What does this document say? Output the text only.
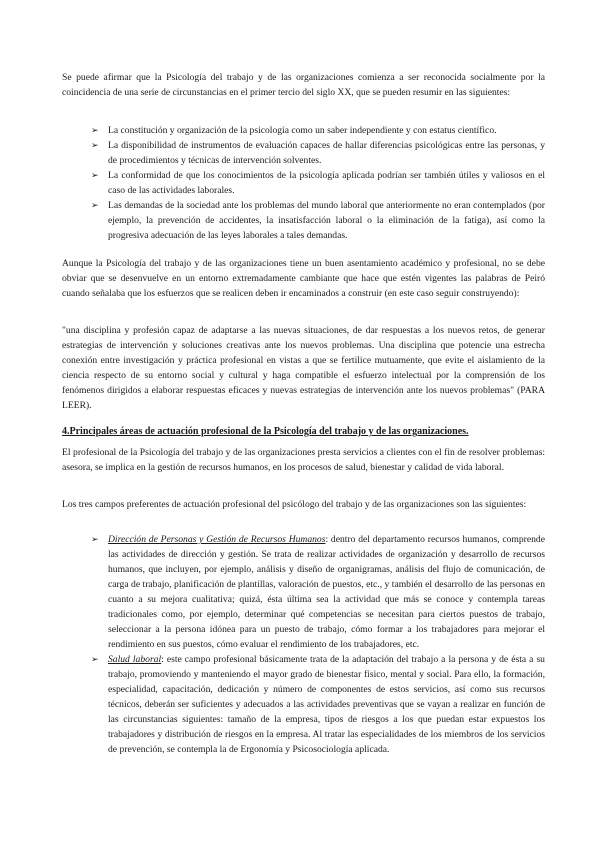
Se puede afirmar que la Psicología del trabajo y de las organizaciones comienza a ser reconocida socialmente por la coincidencia de una serie de circunstancias en el primer tercio del siglo XX, que se pueden resumir en las siguientes:

➢ La constitución y organización de la psicología como un saber independiente y con estatus científico.
➢ La disponibilidad de instrumentos de evaluación capaces de hallar diferencias psicológicas entre las personas, y de procedimientos y técnicas de intervención solventes.
➢ La conformidad de que los conocimientos de la psicología aplicada podrían ser también útiles y valiosos en el caso de las actividades laborales.
➢ Las demandas de la sociedad ante los problemas del mundo laboral que anteriormente no eran contemplados (por ejemplo, la prevención de accidentes, la insatisfacción laboral o la eliminación de la fatiga), así como la progresiva adecuación de las leyes laborales a tales demandas.

Aunque la Psicología del trabajo y de las organizaciones tiene un buen asentamiento académico y profesional, no se debe obviar que se desenvuelve en un entorno extremadamente cambiante que hace que estén vigentes las palabras de Peiró cuando señalaba que los esfuerzos que se realicen deben ir encaminados a construir (en este caso seguir construyendo):

"una disciplina y profesión capaz de adaptarse a las nuevas situaciones, de dar respuestas a los nuevos retos, de generar estrategias de intervención y soluciones creativas ante los nuevos problemas. Una disciplina que potencie una estrecha conexión entre investigación y práctica profesional en vistas a que se fertilice mutuamente, que evite el aislamiento de la ciencia respecto de su entorno social y cultural y haga compatible el esfuerzo intelectual por la comprensión de los fenómenos dirigidos a elaborar respuestas eficaces y nuevas estrategias de intervención ante los nuevos problemas" (PARA LEER).

4.Principales áreas de actuación profesional de la Psicología del trabajo y de las organizaciones.

El profesional de la Psicología del trabajo y de las organizaciones presta servicios a clientes con el fin de resolver problemas: asesora, se implica en la gestión de recursos humanos, en los procesos de salud, bienestar y calidad de vida laboral.

Los tres campos preferentes de actuación profesional del psicólogo del trabajo y de las organizaciones son las siguientes:

➢ Dirección de Personas y Gestión de Recursos Humanos: dentro del departamento recursos humanos, comprende las actividades de dirección y gestión. Se trata de realizar actividades de organización y desarrollo de recursos humanos, que incluyen, por ejemplo, análisis y diseño de organigramas, análisis del flujo de comunicación, de carga de trabajo, planificación de plantillas, valoración de puestos, etc., y también el desarrollo de las personas en cuanto a su mejora cualitativa; quizá, ésta última sea la actividad que más se conoce y contempla tareas tradicionales como, por ejemplo, determinar qué competencias se necesitan para ciertos puestos de trabajo, seleccionar a la persona idónea para un puesto de trabajo, cómo formar a los trabajadores para mejorar el rendimiento en sus puestos, cómo evaluar el rendimiento de los trabajadores, etc.
➢ Salud laboral: este campo profesional básicamente trata de la adaptación del trabajo a la persona y de ésta a su trabajo, promoviendo y manteniendo el mayor grado de bienestar físico, mental y social. Para ello, la formación, especialidad, capacitación, dedicación y número de componentes de estos servicios, así como sus recursos técnicos, deberán ser suficientes y adecuados a las actividades preventivas que se vayan a realizar en función de las circunstancias siguientes: tamaño de la empresa, tipos de riesgos a los que puedan estar expuestos los trabajadores y distribución de riesgos en la empresa. Al tratar las especialidades de los miembros de los servicios de prevención, se contempla la de Ergonomía y Psicosociología aplicada.
